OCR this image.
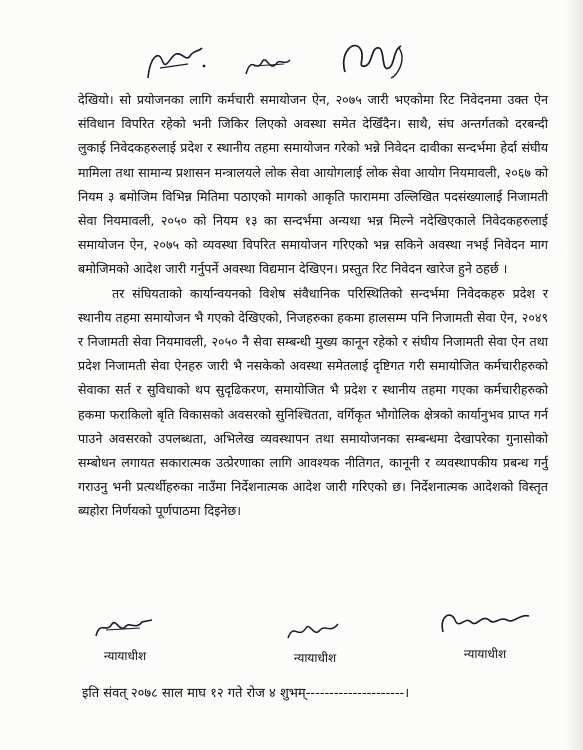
देखियो। सो प्रयोजनका लागि कर्मचारी समायोजन ऐन, २०७५ जारी भएकोमा रिट निवेदनमा उक्त ऐन संविधान विपरित रहेको भनी जिकिर लिएको अवस्था समेत देखिँदैन। साथै, संघ अन्तर्गतको दरबन्दी लुकाई निवेदकहरुलाई प्रदेश र स्थानीय तहमा समायोजन गरेको भन्ने निवेदन दावीका सन्दर्भमा हेर्दा संघीय मामिला तथा सामान्य प्रशासन मन्त्रालयले लोक सेवा आयोगलाई लोक सेवा आयोग नियमावली, २०६७ को नियम ३ बमोजिम विभिन्न मितिमा पठाएको मागको आकृति फाराममा उल्लिखित पदसंख्यालाई निजामती सेवा नियमावली, २०५० को नियम १३ का सन्दर्भमा अन्यथा भन्न मिल्ने नदेखिएकाले निवेदकहरुलाई समायोजन ऐन, २०७५ को व्यवस्था विपरित समायोजन गरिएको भन्न सकिने अवस्था नभई निवेदन माग बमोजिमको आदेश जारी गर्नुपर्ने अवस्था विद्यमान देखिएन। प्रस्तुत रिट निवेदन खारेज हुने ठहर्छ ।

तर संघियताको कार्यान्वयनको विशेष संवैधानिक परिस्थितिको सन्दर्भमा निवेदकहरु प्रदेश र स्थानीय तहमा समायोजन भै गएको देखिएको, निजहरुका हकमा हालसम्म पनि निजामती सेवा ऐन, २०४९ र निजामती सेवा नियमावली, २०५० नै सेवा सम्बन्धी मुख्य कानून रहेको र संघीय निजामती सेवा ऐन तथा प्रदेश निजामती सेवा ऐनहरु जारी भै नसकेको अवस्था समेतलाई दृष्टिगत गरी समायोजित कर्मचारीहरुको सेवाका सर्त र सुविधाको थप सुदृढिकरण, समायोजित भै प्रदेश र स्थानीय तहमा गएका कर्मचारीहरुको हकमा फराकिलो बृति विकासको अवसरको सुनिश्चितता, वर्गिकृत भौगोलिक क्षेत्रको कार्यानुभव प्राप्त गर्न पाउने अवसरको उपलब्धता, अभिलेख व्यवस्थापन तथा समायोजनका सम्बन्धमा देखापरेका गुनासोको सम्बोधन लगायत सकारात्मक उत्प्रेरणाका लागि आवश्यक नीतिगत, कानूनी र व्यवस्थापकीय प्रबन्ध गर्नु गराउनु भनी प्रत्यर्थीहरुका नाउँमा निर्देशनात्मक आदेश जारी गरिएको छ। निर्देशनात्मक आदेशको विस्तृत ब्यहोरा निर्णयको पूर्णपाठमा दिइनेछ।

न्यायाधीश	न्यायाधीश	न्यायाधीश
इति संवत् २०७८ साल माघ १२ गते रोज ४ शुभम्---------------------।
